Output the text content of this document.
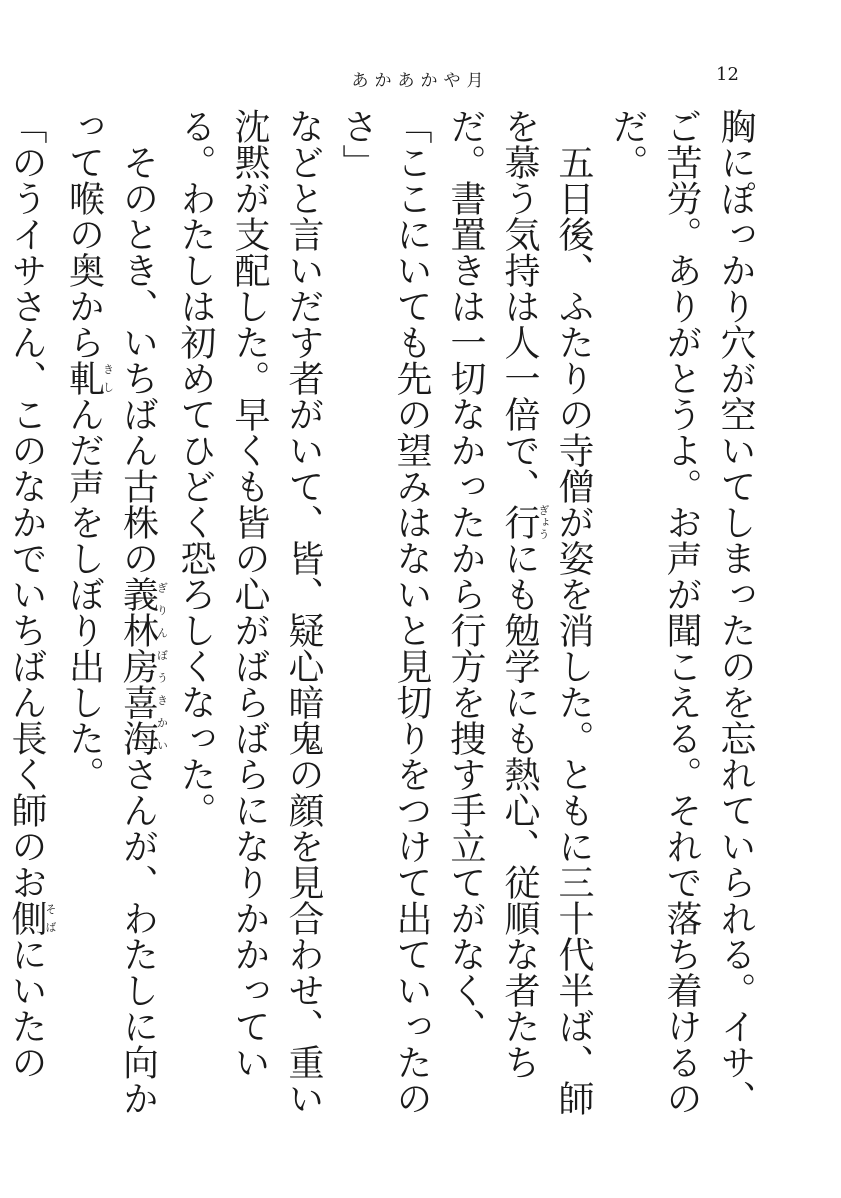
あかあかや月	12

胸にぽっかり穴が空いてしまったのを忘れていられる。イサ、ご苦労。ありがとうよ。お声が聞こえる。それで落ち着けるのだ。

五日後、ふたりの寺僧が姿を消した。ともに三十代半ば、師を慕う気持は人一倍で、行ぎょうにも勉学にも熱心、従順な者たちだ。書置きは一切なかったから行方を捜す手立てがなく、

「ここにいても先の望みはないと見切りをつけて出ていったのさ」

などと言いだす者がいて、皆、疑心暗鬼の顔を見合わせ、重い沈黙が支配した。早くも皆の心がばらばらになりかかっている。わたしは初めてひどく恐ろしくなった。

そのとき、いちばん古株の義林房喜海ぎりんぼうきかいさんが、わたしに向かって喉の奥から軋きしんだ声をしぼり出した。

「のうイサさん、このなかでいちばん長く師のお側そばにいたの
